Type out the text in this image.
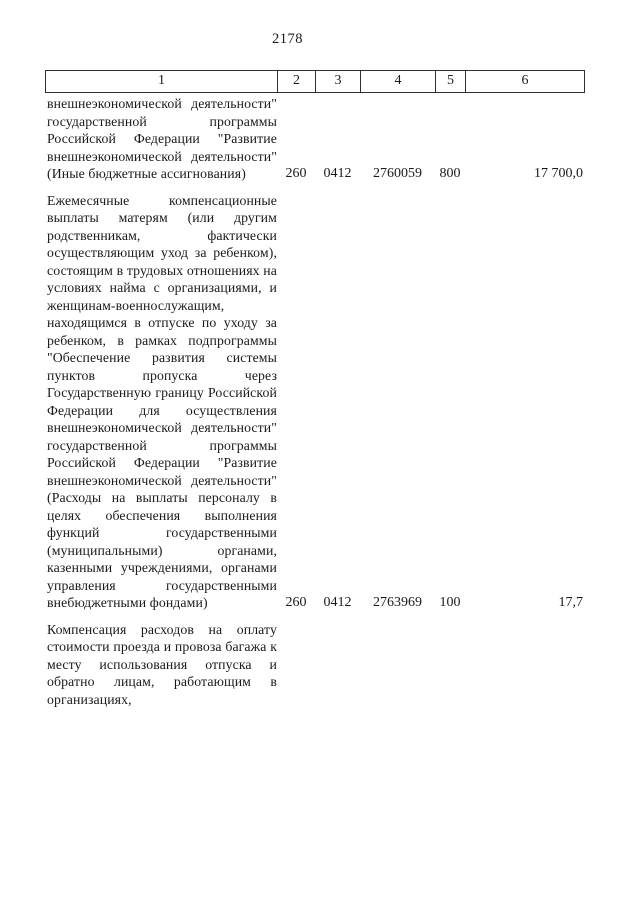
2178
1	2	3	4	5	6
внешнеэкономической деятельности" государственной программы Российской Федерации "Развитие внешнеэкономической деятельности" (Иные бюджетные ассигнования)	260	0412	2760059	800	17 700,0
Ежемесячные компенсационные выплаты матерям (или другим родственникам, фактически осуществляющим уход за ребенком), состоящим в трудовых отношениях на условиях найма с организациями, и женщинам-военнослужащим, находящимся в отпуске по уходу за ребенком, в рамках подпрограммы "Обеспечение развития системы пунктов пропуска через Государственную границу Российской Федерации для осуществления внешнеэкономической деятельности" государственной программы Российской Федерации "Развитие внешнеэкономической деятельности" (Расходы на выплаты персоналу в целях обеспечения выполнения функций государственными (муниципальными) органами, казенными учреждениями, органами управления государственными внебюджетными фондами)	260	0412	2763969	100	17,7
Компенсация расходов на оплату стоимости проезда и провоза багажа к месту использования отпуска и обратно лицам, работающим в организациях,
